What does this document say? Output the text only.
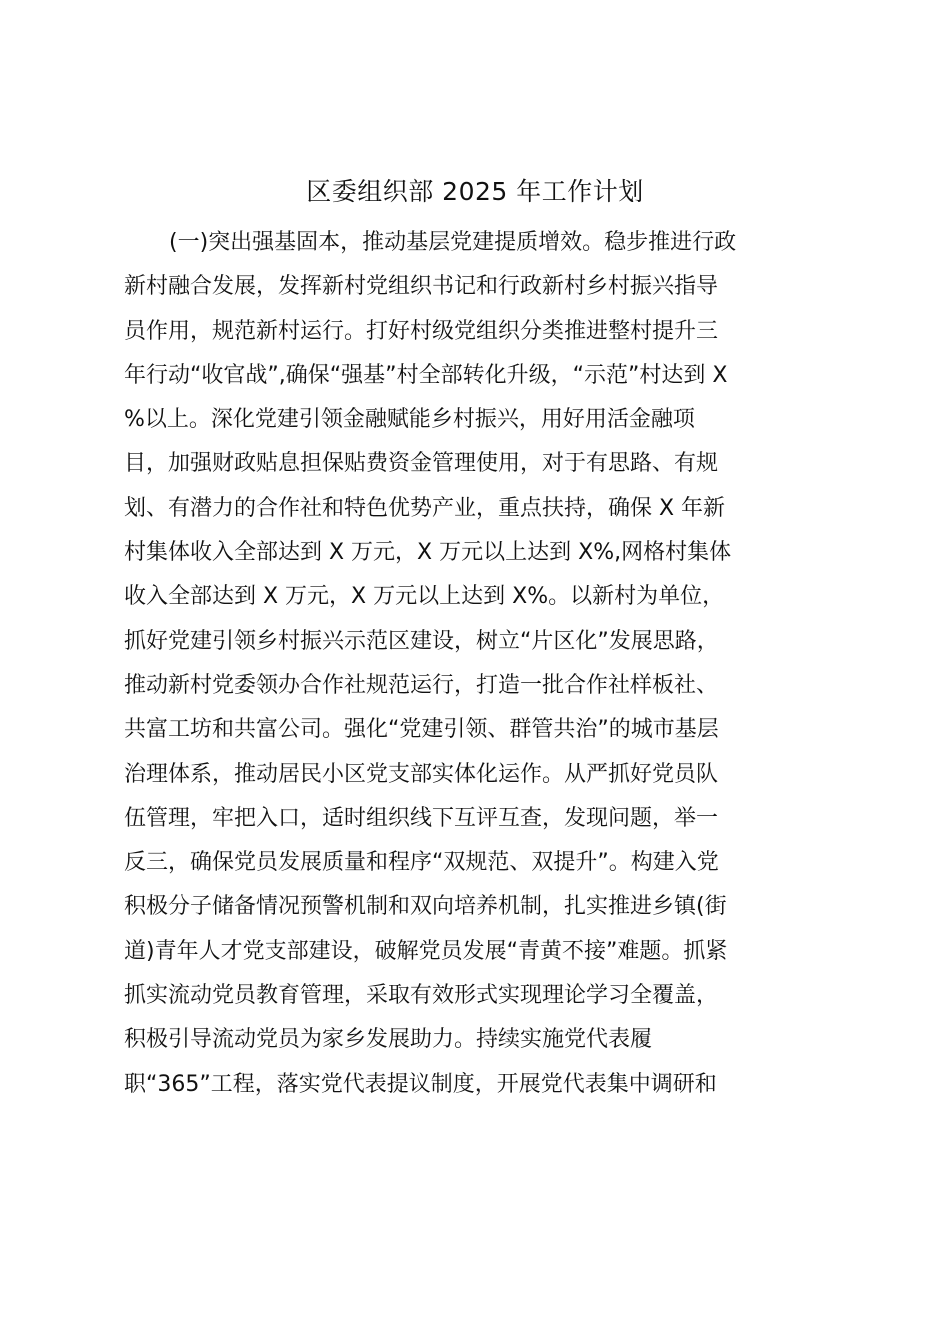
区委组织部 2025 年工作计划
(一)突出强基固本，推动基层党建提质增效。稳步推进行政
新村融合发展，发挥新村党组织书记和行政新村乡村振兴指导
员作用，规范新村运行。打好村级党组织分类推进整村提升三
年行动“收官战”,确保“强基”村全部转化升级，“示范”村达到 X
%以上。深化党建引领金融赋能乡村振兴，用好用活金融项
目，加强财政贴息担保贴费资金管理使用，对于有思路、有规
划、有潜力的合作社和特色优势产业，重点扶持，确保 X 年新
村集体收入全部达到 X 万元，X 万元以上达到 X%,网格村集体
收入全部达到 X 万元，X 万元以上达到 X%。以新村为单位，
抓好党建引领乡村振兴示范区建设，树立“片区化”发展思路，
推动新村党委领办合作社规范运行，打造一批合作社样板社、
共富工坊和共富公司。强化“党建引领、群管共治”的城市基层
治理体系，推动居民小区党支部实体化运作。从严抓好党员队
伍管理，牢把入口，适时组织线下互评互查，发现问题，举一
反三，确保党员发展质量和程序“双规范、双提升”。构建入党
积极分子储备情况预警机制和双向培养机制，扎实推进乡镇(街
道)青年人才党支部建设，破解党员发展“青黄不接”难题。抓紧
抓实流动党员教育管理，采取有效形式实现理论学习全覆盖，
积极引导流动党员为家乡发展助力。持续实施党代表履
职“365”工程，落实党代表提议制度，开展党代表集中调研和
